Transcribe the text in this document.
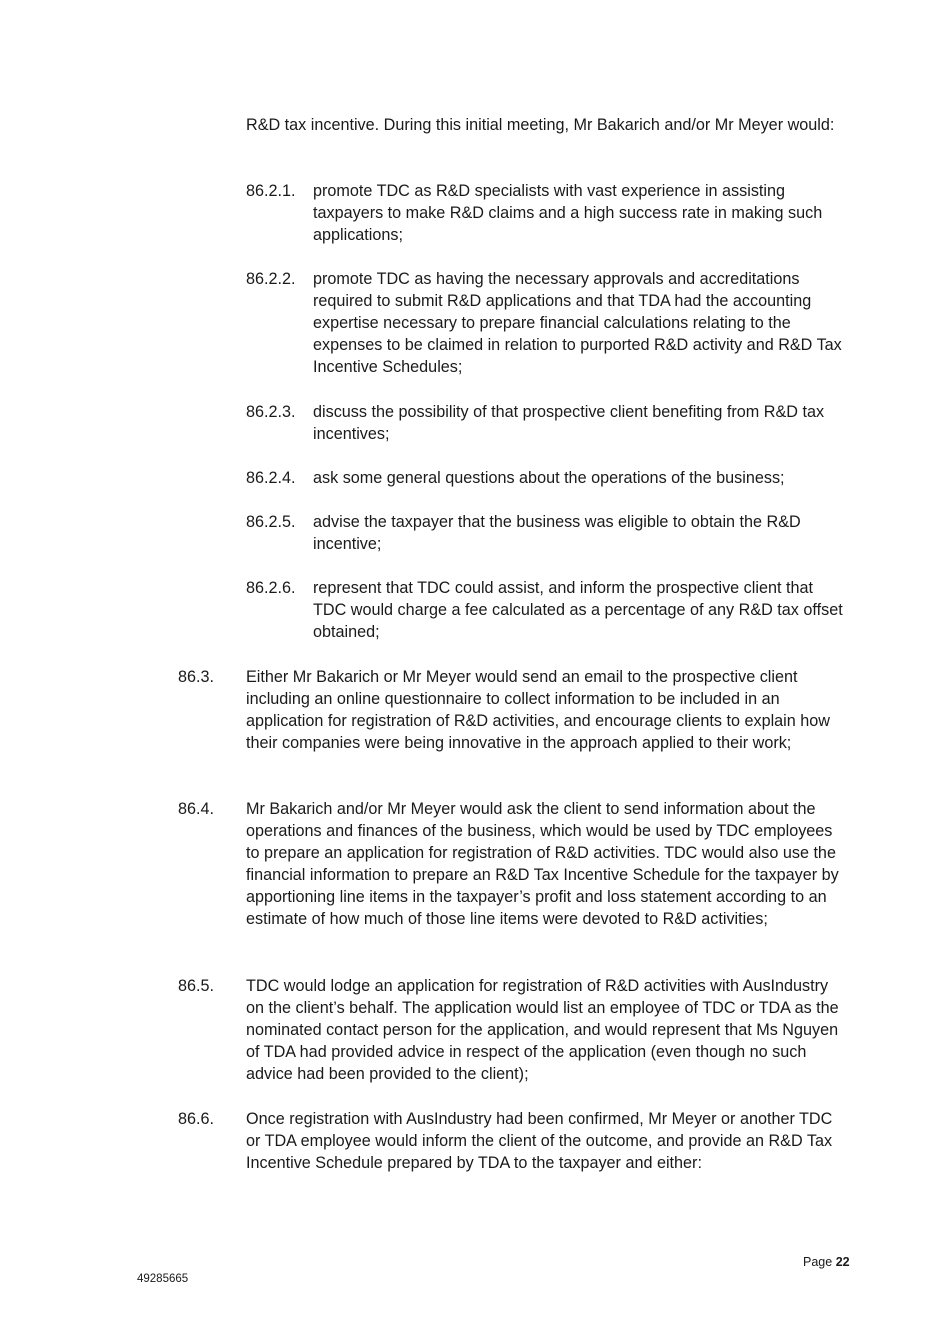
R&D tax incentive. During this initial meeting, Mr Bakarich and/or Mr Meyer would:

86.2.1. promote TDC as R&D specialists with vast experience in assisting taxpayers to make R&D claims and a high success rate in making such applications;
86.2.2. promote TDC as having the necessary approvals and accreditations required to submit R&D applications and that TDA had the accounting expertise necessary to prepare financial calculations relating to the expenses to be claimed in relation to purported R&D activity and R&D Tax Incentive Schedules;
86.2.3. discuss the possibility of that prospective client benefiting from R&D tax incentives;
86.2.4. ask some general questions about the operations of the business;
86.2.5. advise the taxpayer that the business was eligible to obtain the R&D incentive;
86.2.6. represent that TDC could assist, and inform the prospective client that TDC would charge a fee calculated as a percentage of any R&D tax offset obtained;
86.3. Either Mr Bakarich or Mr Meyer would send an email to the prospective client including an online questionnaire to collect information to be included in an application for registration of R&D activities, and encourage clients to explain how their companies were being innovative in the approach applied to their work;
86.4. Mr Bakarich and/or Mr Meyer would ask the client to send information about the operations and finances of the business, which would be used by TDC employees to prepare an application for registration of R&D activities. TDC would also use the financial information to prepare an R&D Tax Incentive Schedule for the taxpayer by apportioning line items in the taxpayer’s profit and loss statement according to an estimate of how much of those line items were devoted to R&D activities;
86.5. TDC would lodge an application for registration of R&D activities with AusIndustry on the client’s behalf. The application would list an employee of TDC or TDA as the nominated contact person for the application, and would represent that Ms Nguyen of TDA had provided advice in respect of the application (even though no such advice had been provided to the client);
86.6. Once registration with AusIndustry had been confirmed, Mr Meyer or another TDC or TDA employee would inform the client of the outcome, and provide an R&D Tax Incentive Schedule prepared by TDA to the taxpayer and either:
Page 22
49285665
